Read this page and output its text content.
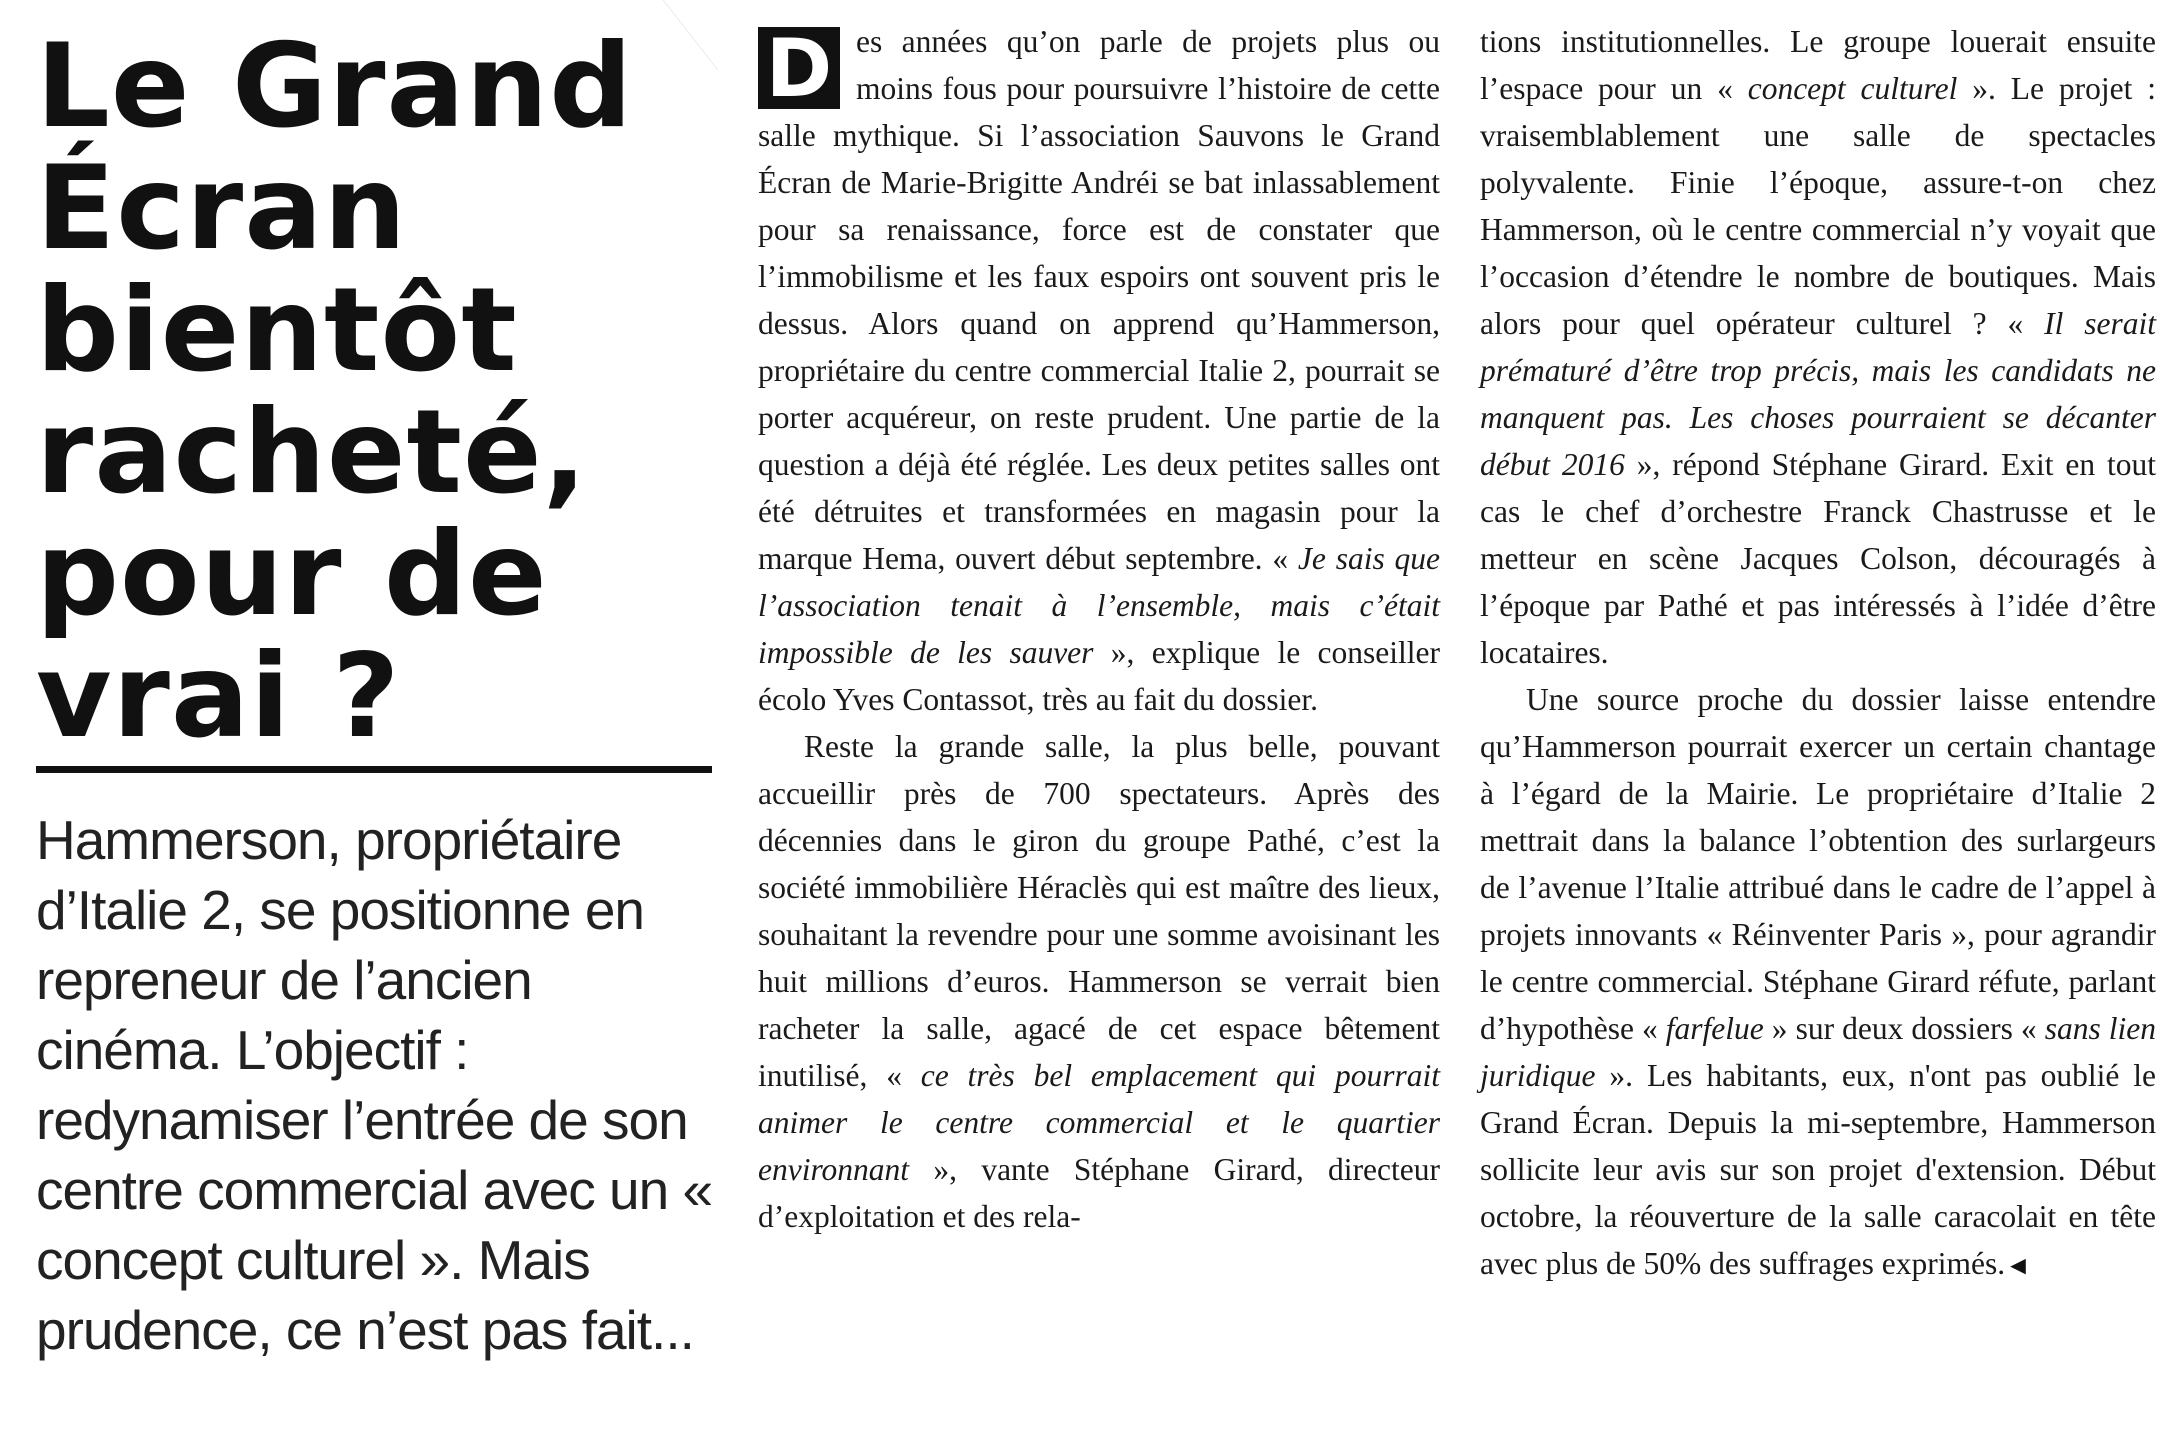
Le Grand Écran bientôt racheté, pour de vrai ?

Hammerson, propriétaire d’Italie 2, se positionne en repreneur de l’ancien cinéma. L’objectif : redynamiser l’entrée de son centre commercial avec un « concept culturel ». Mais prudence, ce n’est pas fait...

D es années qu’on parle de projets plus ou moins fous pour poursuivre l’histoire de cette salle mythique. Si l’association Sauvons le Grand Écran de Marie-Brigitte Andréi se bat inlassablement pour sa renaissance, force est de constater que l’immobilisme et les faux espoirs ont souvent pris le dessus. Alors quand on apprend qu’Hammerson, propriétaire du centre commercial Italie 2, pourrait se porter acquéreur, on reste prudent. Une partie de la question a déjà été réglée. Les deux petites salles ont été détruites et transformées en magasin pour la marque Hema, ouvert début septembre. « Je sais que l’association tenait à l’ensemble, mais c’était impossible de les sauver », explique le conseiller écolo Yves Contassot, très au fait du dossier.

Reste la grande salle, la plus belle, pouvant accueillir près de 700 spectateurs. Après des décennies dans le giron du groupe Pathé, c’est la société immobilière Héraclès qui est maître des lieux, souhaitant la revendre pour une somme avoisinant les huit millions d’euros. Hammerson se verrait bien racheter la salle, agacé de cet espace bêtement inutilisé, « ce très bel emplacement qui pourrait animer le centre commercial et le quartier environnant », vante Stéphane Girard, directeur d’exploitation et des rela-

tions institutionnelles. Le groupe louerait ensuite l’espace pour un « concept culturel ». Le projet : vraisemblablement une salle de spectacles polyvalente. Finie l’époque, assure-t-on chez Hammerson, où le centre commercial n’y voyait que l’occasion d’étendre le nombre de boutiques. Mais alors pour quel opérateur culturel ? « Il serait prématuré d’être trop précis, mais les candidats ne manquent pas. Les choses pourraient se décanter début 2016 », répond Stéphane Girard. Exit en tout cas le chef d’orchestre Franck Chastrusse et le metteur en scène Jacques Colson, découragés à l’époque par Pathé et pas intéressés à l’idée d’être locataires.

Une source proche du dossier laisse entendre qu’Hammerson pourrait exercer un certain chantage à l’égard de la Mairie. Le propriétaire d’Italie 2 mettrait dans la balance l’obtention des surlargeurs de l’avenue l’Italie attribué dans le cadre de l’appel à projets innovants « Réinventer Paris », pour agrandir le centre commercial. Stéphane Girard réfute, parlant d’hypothèse « farfelue » sur deux dossiers « sans lien juridique ». Les habitants, eux, n'ont pas oublié le Grand Écran. Depuis la mi-septembre, Hammerson sollicite leur avis sur son projet d'extension. Début octobre, la réouverture de la salle caracolait en tête avec plus de 50% des suffrages exprimés.◄
